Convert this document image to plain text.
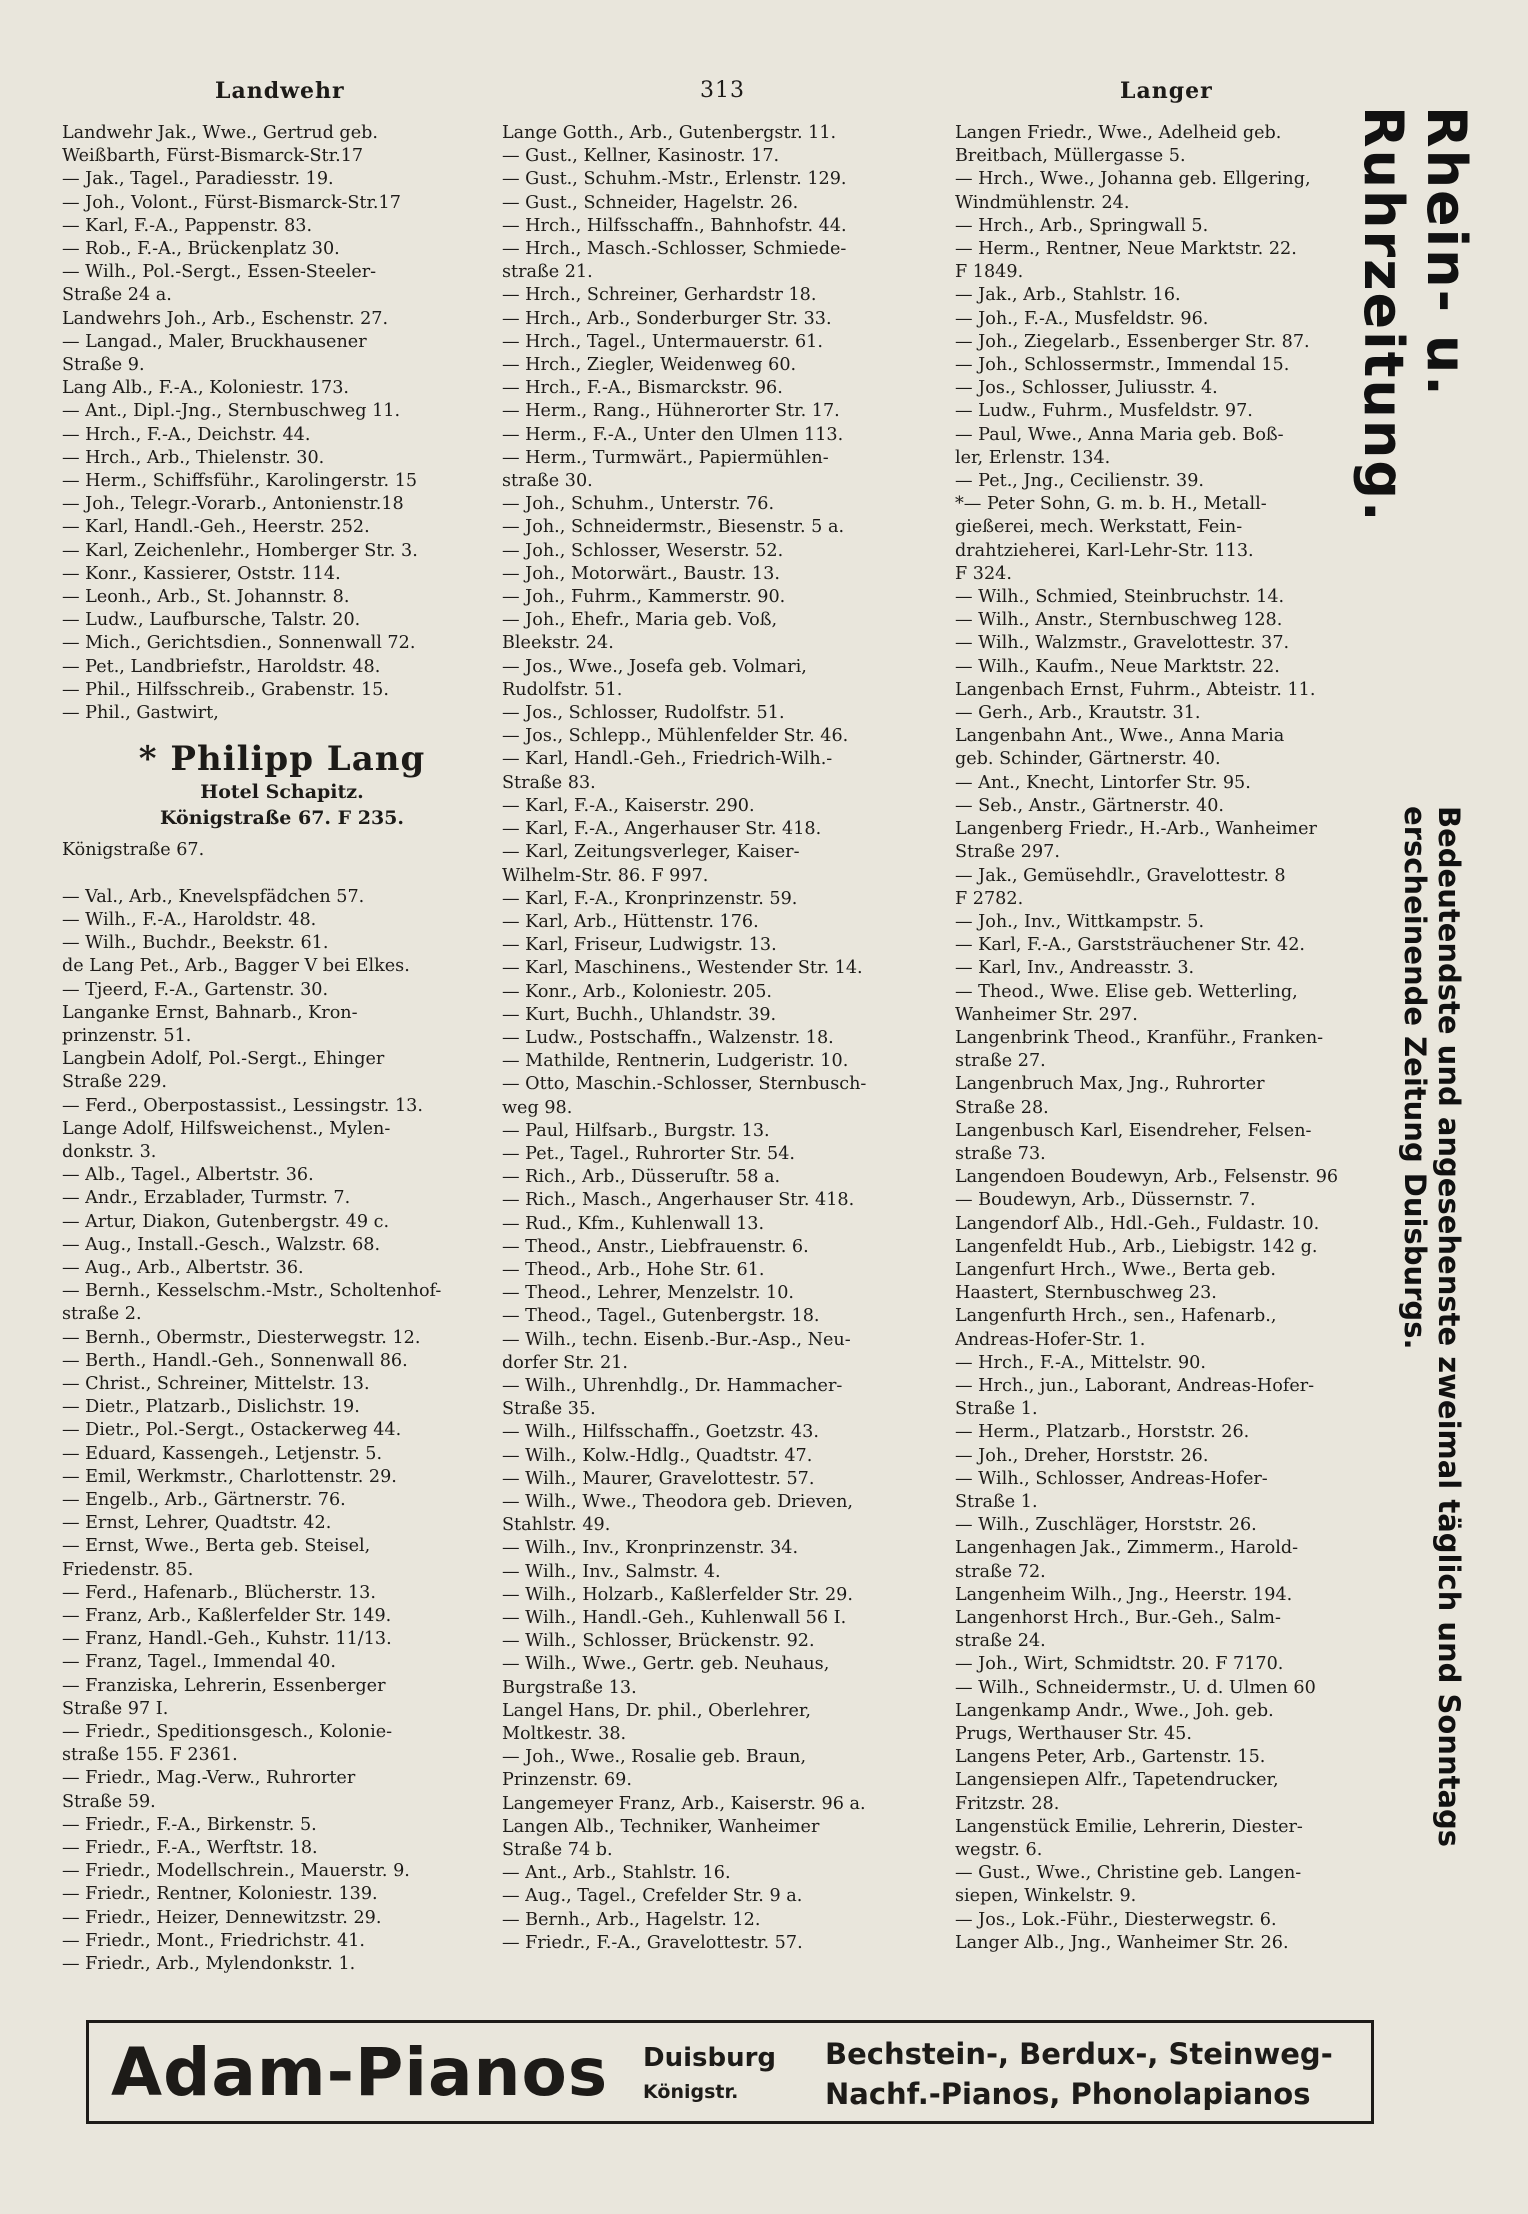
Landwehr	313	Langer
Landwehr Jak., Wwe., Gertrud geb.
Weißbarth, Fürst-Bismarck-Str.17
— Jak., Tagel., Paradiesstr. 19.
— Joh., Volont., Fürst-Bismarck-Str.17
— Karl, F.-A., Pappenstr. 83.
— Rob., F.-A., Brückenplatz 30.
— Wilh., Pol.-Sergt., Essen-Steeler-
Straße 24 a.
Landwehrs Joh., Arb., Eschenstr. 27.
— Langad., Maler, Bruckhausener
Straße 9.
Lang Alb., F.-A., Koloniestr. 173.
— Ant., Dipl.-Jng., Sternbuschweg 11.
— Hrch., F.-A., Deichstr. 44.
— Hrch., Arb., Thielenstr. 30.
— Herm., Schiffsführ., Karolingerstr. 15
— Joh., Telegr.-Vorarb., Antonienstr.18
— Karl, Handl.-Geh., Heerstr. 252.
— Karl, Zeichenlehr., Homberger Str. 3.
— Konr., Kassierer, Oststr. 114.
— Leonh., Arb., St. Johannstr. 8.
— Ludw., Laufbursche, Talstr. 20.
— Mich., Gerichtsdien., Sonnenwall 72.
— Pet., Landbriefstr., Haroldstr. 48.
— Phil., Hilfsschreib., Grabenstr. 15.
— Phil., Gastwirt,
* Philipp Lang
Hotel Schapitz.
Königstraße 67. F 235.
Königstraße 67.

— Val., Arb., Knevelspfädchen 57.
— Wilh., F.-A., Haroldstr. 48.
— Wilh., Buchdr., Beekstr. 61.
de Lang Pet., Arb., Bagger V bei Elkes.
— Tjeerd, F.-A., Gartenstr. 30.
Langanke Ernst, Bahnarb., Kron-
prinzenstr. 51.
Langbein Adolf, Pol.-Sergt., Ehinger
Straße 229.
— Ferd., Oberpostassist., Lessingstr. 13.
Lange Adolf, Hilfsweichenst., Mylen-
donkstr. 3.
— Alb., Tagel., Albertstr. 36.
— Andr., Erzablader, Turmstr. 7.
— Artur, Diakon, Gutenbergstr. 49 c.
— Aug., Install.-Gesch., Walzstr. 68.
— Aug., Arb., Albertstr. 36.
— Bernh., Kesselschm.-Mstr., Scholtenhof-
straße 2.
— Bernh., Obermstr., Diesterwegstr. 12.
— Berth., Handl.-Geh., Sonnenwall 86.
— Christ., Schreiner, Mittelstr. 13.
— Dietr., Platzarb., Dislichstr. 19.
— Dietr., Pol.-Sergt., Ostackerweg 44.
— Eduard, Kassengeh., Letjenstr. 5.
— Emil, Werkmstr., Charlottenstr. 29.
— Engelb., Arb., Gärtnerstr. 76.
— Ernst, Lehrer, Quadtstr. 42.
— Ernst, Wwe., Berta geb. Steisel,
Friedenstr. 85.
— Ferd., Hafenarb., Blücherstr. 13.
— Franz, Arb., Kaßlerfelder Str. 149.
— Franz, Handl.-Geh., Kuhstr. 11/13.
— Franz, Tagel., Immendal 40.
— Franziska, Lehrerin, Essenberger
Straße 97 I.
— Friedr., Speditionsgesch., Kolonie-
straße 155. F 2361.
— Friedr., Mag.-Verw., Ruhrorter
Straße 59.
— Friedr., F.-A., Birkenstr. 5.
— Friedr., F.-A., Werftstr. 18.
— Friedr., Modellschrein., Mauerstr. 9.
— Friedr., Rentner, Koloniestr. 139.
— Friedr., Heizer, Dennewitzstr. 29.
— Friedr., Mont., Friedrichstr. 41.
— Friedr., Arb., Mylendonkstr. 1.
Lange Gotth., Arb., Gutenbergstr. 11.
— Gust., Kellner, Kasinostr. 17.
— Gust., Schuhm.-Mstr., Erlenstr. 129.
— Gust., Schneider, Hagelstr. 26.
— Hrch., Hilfsschaffn., Bahnhofstr. 44.
— Hrch., Masch.-Schlosser, Schmiede-
straße 21.
— Hrch., Schreiner, Gerhardstr 18.
— Hrch., Arb., Sonderburger Str. 33.
— Hrch., Tagel., Untermauerstr. 61.
— Hrch., Ziegler, Weidenweg 60.
— Hrch., F.-A., Bismarckstr. 96.
— Herm., Rang., Hühnerorter Str. 17.
— Herm., F.-A., Unter den Ulmen 113.
— Herm., Turmwärt., Papiermühlen-
straße 30.
— Joh., Schuhm., Unterstr. 76.
— Joh., Schneidermstr., Biesenstr. 5 a.
— Joh., Schlosser, Weserstr. 52.
— Joh., Motorwärt., Baustr. 13.
— Joh., Fuhrm., Kammerstr. 90.
— Joh., Ehefr., Maria geb. Voß,
Bleekstr. 24.
— Jos., Wwe., Josefa geb. Volmari,
Rudolfstr. 51.
— Jos., Schlosser, Rudolfstr. 51.
— Jos., Schlepp., Mühlenfelder Str. 46.
— Karl, Handl.-Geh., Friedrich-Wilh.-
Straße 83.
— Karl, F.-A., Kaiserstr. 290.
— Karl, F.-A., Angerhauser Str. 418.
— Karl, Zeitungsverleger, Kaiser-
Wilhelm-Str. 86. F 997.
— Karl, F.-A., Kronprinzenstr. 59.
— Karl, Arb., Hüttenstr. 176.
— Karl, Friseur, Ludwigstr. 13.
— Karl, Maschinens., Westender Str. 14.
— Konr., Arb., Koloniestr. 205.
— Kurt, Buchh., Uhlandstr. 39.
— Ludw., Postschaffn., Walzenstr. 18.
— Mathilde, Rentnerin, Ludgeristr. 10.
— Otto, Maschin.-Schlosser, Sternbusch-
weg 98.
— Paul, Hilfsarb., Burgstr. 13.
— Pet., Tagel., Ruhrorter Str. 54.
— Rich., Arb., Düsseruſtr. 58 a.
— Rich., Masch., Angerhauser Str. 418.
— Rud., Kfm., Kuhlenwall 13.
— Theod., Anstr., Liebfrauenstr. 6.
— Theod., Arb., Hohe Str. 61.
— Theod., Lehrer, Menzelstr. 10.
— Theod., Tagel., Gutenbergstr. 18.
— Wilh., techn. Eisenb.-Bur.-Asp., Neu-
dorfer Str. 21.
— Wilh., Uhrenhdlg., Dr. Hammacher-
Straße 35.
— Wilh., Hilfsschaffn., Goetzstr. 43.
— Wilh., Kolw.-Hdlg., Quadtstr. 47.
— Wilh., Maurer, Gravelottestr. 57.
— Wilh., Wwe., Theodora geb. Drieven,
Stahlstr. 49.
— Wilh., Inv., Kronprinzenstr. 34.
— Wilh., Inv., Salmstr. 4.
— Wilh., Holzarb., Kaßlerfelder Str. 29.
— Wilh., Handl.-Geh., Kuhlenwall 56 I.
— Wilh., Schlosser, Brückenstr. 92.
— Wilh., Wwe., Gertr. geb. Neuhaus,
Burgstraße 13.
Langel Hans, Dr. phil., Oberlehrer,
Moltkestr. 38.
— Joh., Wwe., Rosalie geb. Braun,
Prinzenstr. 69.
Langemeyer Franz, Arb., Kaiserstr. 96 a.
Langen Alb., Techniker, Wanheimer
Straße 74 b.
— Ant., Arb., Stahlstr. 16.
— Aug., Tagel., Crefelder Str. 9 a.
— Bernh., Arb., Hagelstr. 12.
— Friedr., F.-A., Gravelottestr. 57.
Langen Friedr., Wwe., Adelheid geb.
Breitbach, Müllergasse 5.
— Hrch., Wwe., Johanna geb. Ellgering,
Windmühlenstr. 24.
— Hrch., Arb., Springwall 5.
— Herm., Rentner, Neue Marktstr. 22.
F 1849.
— Jak., Arb., Stahlstr. 16.
— Joh., F.-A., Musfeldstr. 96.
— Joh., Ziegelarb., Essenberger Str. 87.
— Joh., Schlossermstr., Immendal 15.
— Jos., Schlosser, Juliusstr. 4.
— Ludw., Fuhrm., Musfeldstr. 97.
— Paul, Wwe., Anna Maria geb. Boß-
ler, Erlenstr. 134.
— Pet., Jng., Cecilienstr. 39.
*— Peter Sohn, G. m. b. H., Metall-
gießerei, mech. Werkstatt, Fein-
drahtzieherei, Karl-Lehr-Str. 113.
F 324.
— Wilh., Schmied, Steinbruchstr. 14.
— Wilh., Anstr., Sternbuschweg 128.
— Wilh., Walzmstr., Gravelottestr. 37.
— Wilh., Kaufm., Neue Marktstr. 22.
Langenbach Ernst, Fuhrm., Abteistr. 11.
— Gerh., Arb., Krautstr. 31.
Langenbahn Ant., Wwe., Anna Maria
geb. Schinder, Gärtnerstr. 40.
— Ant., Knecht, Lintorfer Str. 95.
— Seb., Anstr., Gärtnerstr. 40.
Langenberg Friedr., H.-Arb., Wanheimer
Straße 297.
— Jak., Gemüsehdlr., Gravelottestr. 8
F 2782.
— Joh., Inv., Wittkampstr. 5.
— Karl, F.-A., Garststräuchener Str. 42.
— Karl, Inv., Andreasstr. 3.
— Theod., Wwe. Elise geb. Wetterling,
Wanheimer Str. 297.
Langenbrink Theod., Kranführ., Franken-
straße 27.
Langenbruch Max, Jng., Ruhrorter
Straße 28.
Langenbusch Karl, Eisendreher, Felsen-
straße 73.
Langendoen Boudewyn, Arb., Felsenstr. 96
— Boudewyn, Arb., Düssernstr. 7.
Langendorf Alb., Hdl.-Geh., Fuldastr. 10.
Langenfeldt Hub., Arb., Liebigstr. 142 g.
Langenfurt Hrch., Wwe., Berta geb.
Haastert, Sternbuschweg 23.
Langenfurth Hrch., sen., Hafenarb.,
Andreas-Hofer-Str. 1.
— Hrch., F.-A., Mittelstr. 90.
— Hrch., jun., Laborant, Andreas-Hofer-
Straße 1.
— Herm., Platzarb., Horststr. 26.
— Joh., Dreher, Horststr. 26.
— Wilh., Schlosser, Andreas-Hofer-
Straße 1.
— Wilh., Zuschläger, Horststr. 26.
Langenhagen Jak., Zimmerm., Harold-
straße 72.
Langenheim Wilh., Jng., Heerstr. 194.
Langenhorst Hrch., Bur.-Geh., Salm-
straße 24.
— Joh., Wirt, Schmidtstr. 20. F 7170.
— Wilh., Schneidermstr., U. d. Ulmen 60
Langenkamp Andr., Wwe., Joh. geb.
Prugs, Werthauser Str. 45.
Langens Peter, Arb., Gartenstr. 15.
Langensiepen Alfr., Tapetendrucker,
Fritzstr. 28.
Langenstück Emilie, Lehrerin, Diester-
wegstr. 6.
— Gust., Wwe., Christine geb. Langen-
siepen, Winkelstr. 9.
— Jos., Lok.-Führ., Diesterwegstr. 6.
Langer Alb., Jng., Wanheimer Str. 26.
Rhein- u. Ruhrzeitung.
Bedeutendste und angesehenste zweimal täglich und Sonntags erscheinende Zeitung Duisburgs.
Adam-Pianos Duisburg
Königstr.
Bechstein-, Berdux-, Steinweg-
Nachf.-Pianos, Phonolapianos
